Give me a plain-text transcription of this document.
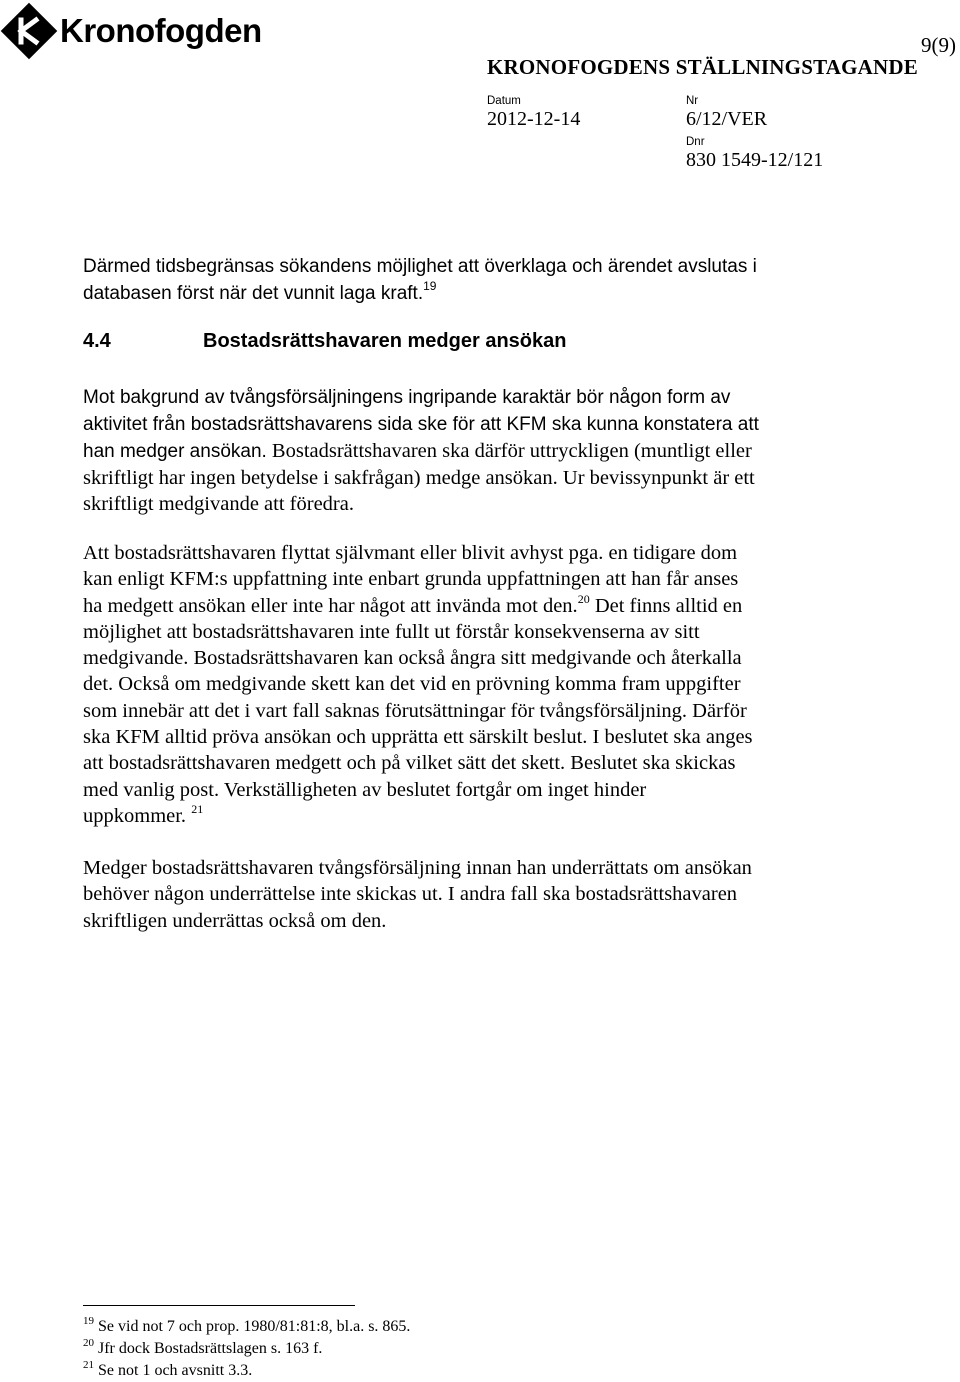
Kronofogden	9(9)
KRONOFOGDENS STÄLLNINGSTAGANDE
Datum
2012-12-14
Nr
6/12/VER
Dnr
830 1549-12/121

Därmed tidsbegränsas sökandens möjlighet att överklaga och ärendet avslutas i
databasen först när det vunnit laga kraft.$^{19}$

4.4	Bostadsrättshavaren medger ansökan
Mot bakgrund av tvångsförsäljningens ingripande karaktär bör någon form av
aktivitet från bostadsrättshavarens sida ske för att KFM ska kunna konstatera att
han medger ansökan. Bostadsrättshavaren ska därför uttryckligen (muntligt eller
skriftligt har ingen betydelse i sakfrågan) medge ansökan. Ur bevissynpunkt är ett
skriftligt medgivande att föredra.
Att bostadsrättshavaren flyttat självmant eller blivit avhyst pga. en tidigare dom
kan enligt KFM:s uppfattning inte enbart grunda uppfattningen att han får anses
ha medgett ansökan eller inte har något att invända mot den.$^{20}$ Det finns alltid en
möjlighet att bostadsrättshavaren inte fullt ut förstår konsekvenserna av sitt
medgivande. Bostadsrättshavaren kan också ångra sitt medgivande och återkalla
det. Också om medgivande skett kan det vid en prövning komma fram uppgifter
som innebär att det i vart fall saknas förutsättningar för tvångsförsäljning. Därför
ska KFM alltid pröva ansökan och upprätta ett särskilt beslut. I beslutet ska anges
att bostadsrättshavaren medgett och på vilket sätt det skett. Beslutet ska skickas
med vanlig post. Verkställigheten av beslutet fortgår om inget hinder
uppkommer. $^{21}$
Medger bostadsrättshavaren tvångsförsäljning innan han underrättats om ansökan
behöver någon underrättelse inte skickas ut. I andra fall ska bostadsrättshavaren
skriftligen underrättas också om den.
$^{19}$ Se vid not 7 och prop. 1980/81:81:8, bl.a. s. 865.
$^{20}$ Jfr dock Bostadsrättslagen s. 163 f.
$^{21}$ Se not 1 och avsnitt 3.3.
